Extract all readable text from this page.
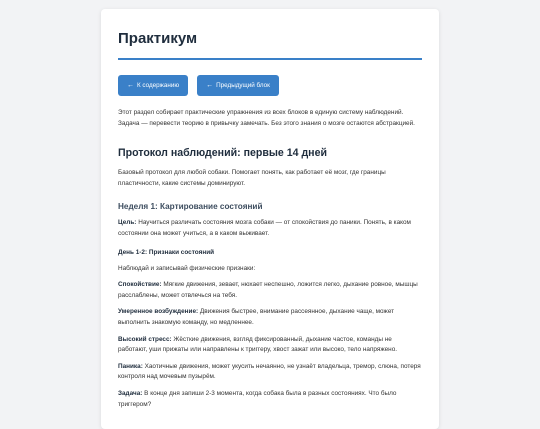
Практикум
← К содержанию	← Предыдущий блок

Этот раздел собирает практические упражнения из всех блоков в единую систему наблюдений. Задача — перевести теорию в привычку замечать. Без этого знания о мозге остаются абстракцией.

Протокол наблюдений: первые 14 дней

Базовый протокол для любой собаки. Помогает понять, как работает её мозг, где границы пластичности, какие системы доминируют.

Неделя 1: Картирование состояний

Цель: Научиться различать состояния мозга собаки — от спокойствия до паники. Понять, в каком состоянии она может учиться, а в каком выживает.

День 1-2: Признаки состояний

Наблюдай и записывай физические признаки:

Спокойствие: Мягкие движения, зевает, нюхает неспешно, ложится легко, дыхание ровное, мышцы расслаблены, может отвлечься на тебя.

Умеренное возбуждение: Движения быстрее, внимание рассеянное, дыхание чаще, может выполнить знакомую команду, но медленнее.

Высокий стресс: Жёсткие движения, взгляд фиксированный, дыхание частое, команды не работают, уши прижаты или направлены к триггеру, хвост зажат или высоко, тело напряжено.

Паника: Хаотичные движения, может укусить нечаянно, не узнаёт владельца, тремор, слюна, потеря контроля над мочевым пузырём.

Задача: В конце дня запиши 2-3 момента, когда собака была в разных состояниях. Что было триггером?
